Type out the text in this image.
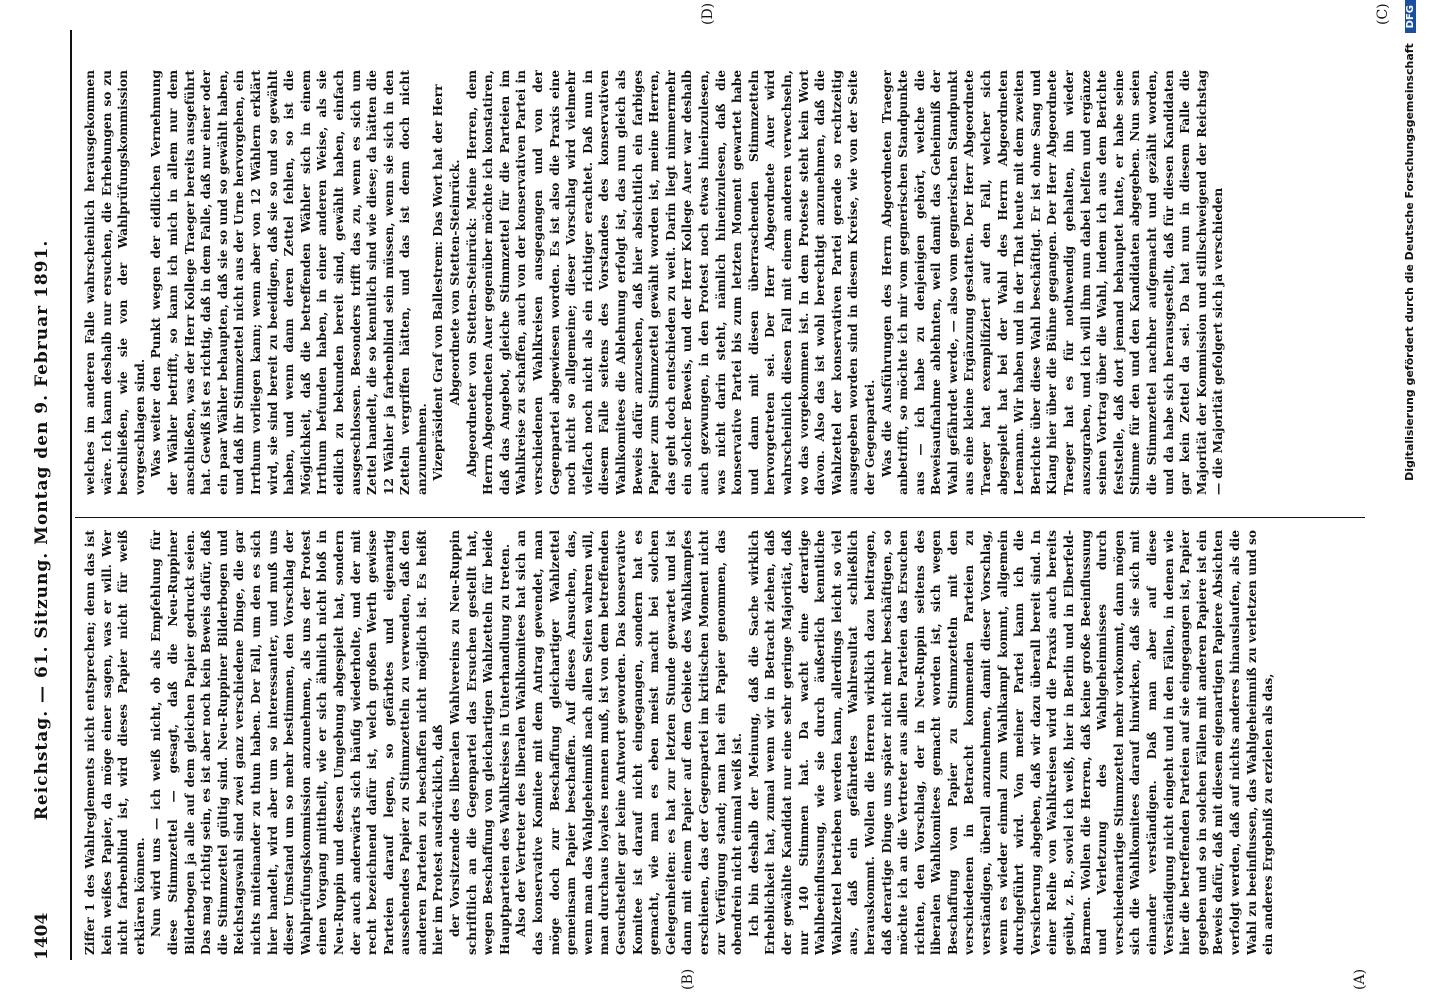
1404
Reichstag. — 61. Sitzung. Montag den 9. Februar 1891.	Ziffer 1 des Wahlreglements nicht entsprechen; denn das ist kein weißes Papier, da möge einer sagen, was er will. Wer nicht farbenblind ist, wird dieses Papier nicht für weiß erklären können. Nun wird uns — ich weiß nicht, ob als Empfehlung für diese Stimmzettel — gesagt, daß die Neu-Ruppiner Bilderbogen ja alle auf dem gleichen Papier gedruckt seien. Das mag richtig sein, es ist aber noch kein Beweis dafür, daß die Stimmzettel gültig sind. Neu-Ruppiner Bilderbogen und Reichstagswahl sind zwei ganz verschiedene Dinge, die gar nichts miteinander zu thun haben. Der Fall, um den es sich hier handelt, wird aber um so interessanter, und muß uns dieser Umstand um so mehr bestimmen, den Vorschlag der Wahlprüfungskommission anzunehmen, als uns der Protest einen Vorgang mittheilt, wie er sich ähnlich nicht bloß in Neu-Ruppin und dessen Umgebung abgespielt hat, sondern der auch anderwärts sich häufig wiederholte, und der mit recht bezeichnend dafür ist, welch großen Werth gewisse Parteien darauf legen, so gefärbtes und eigenartig aussehendes Papier zu Stimmzetteln zu verwenden, daß den anderen Parteien zu beschaffen nicht möglich ist. Es heißt hier im Protest ausdrücklich, daß der Vorsitzende des liberalen Wahlvereins zu Neu-Ruppin schriftlich an die Gegenpartei das Ersuchen gestellt hat, wegen Beschaffung von gleichartigen Wahlzetteln für beide Hauptparteien des Wahlkreises in Unterhandlung zu treten. Also der Vertreter des liberalen Wahlkomitees hat sich an das konservative Komitee mit dem Antrag gewendet, man möge doch zur Beschaffung gleichartiger Wahlzettel gemeinsam Papier beschaffen. Auf dieses Ansuchen, das, wenn man das Wahlgeheimniß nach allen Seiten wahren will, man durchaus loyales nennen muß, ist von dem betreffenden Gesuchsteller gar keine Antwort geworden. Das konservative Komitee ist darauf nicht eingegangen, sondern hat es gemacht, wie man es eben meist macht bei solchen Gelegenheiten: es hat zur letzten Stunde gewartet und ist dann mit einem Papier auf dem Gebiete des Wahlkampfes erschienen, das der Gegenpartei im kritischen Moment nicht zur Verfügung stand; man hat ein Papier genommen, das obendrein nicht einmal weiß ist. Ich bin deshalb der Meinung, daß die Sache wirklich Erheblichkeit hat, zumal wenn wir in Betracht ziehen, daß der gewählte Kandidat nur eine sehr geringe Majorität, daß nur 140 Stimmen hat. Da wacht eine derartige Wahlbeeinflussung, wie sie durch äußerlich kenntliche Wahlzettel betrieben werden kann, allerdings leicht so viel aus, daß ein gefährdetes Wahlresultat schließlich herauskommt. Wollen die Herren wirklich dazu beitragen, daß derartige Dinge uns später nicht mehr beschäftigen, so möchte ich an die Vertreter aus allen Parteien das Ersuchen richten, den Vorschlag, der in Neu-Ruppin seitens des liberalen Wahlkomitees gemacht worden ist, sich wegen Beschaffung von Papier zu Stimmzetteln mit den verschiedenen in Betracht kommenden Parteien zu verständigen, überall anzunehmen, damit dieser Vorschlag, wenn es wieder einmal zum Wahlkampf kommt, allgemein durchgeführt wird. Von meiner Partei kann ich die Versicherung abgeben, daß wir dazu überall bereit sind. In einer Reihe von Wahlkreisen wird die Praxis auch bereits geübt, z. B., soviel ich weiß, hier in Berlin und in Elberfeld-Barmen. Wollen die Herren, daß keine große Beeinflussung und Verletzung des Wahlgeheimnisses durch verschiedenartige Stimmzettel mehr vorkommt, dann mögen sich die Wahlkomitees darauf hinwirken, daß sie sich mit einander verständigen. Daß man aber auf diese Verständigung nicht eingeht und in den Fällen, in denen wie hier die betreffenden Parteien auf sie eingegangen ist, Papier gegeben und so in solchen Fällen mit anderen Papiere ist ein Beweis dafür, daß mit diesem eigenartigen Papiere Absichten verfolgt werden, daß auf nichts anderes hinauslaufen, als die Wahl zu beeinflussen, das Wahlgeheimniß zu verletzen und so ein anderes Ergebniß zu erzielen als das,

welches im anderen Falle wahrscheinlich herausgekommen wäre. Ich kann deshalb nur ersuchen, die Erhebungen so zu beschließen, wie sie von der Wahlprüfungskommission vorgeschlagen sind. Was weiter den Punkt wegen der eidlichen Vernehmung der Wähler betrifft, so kann ich mich in allem nur dem anschließen, was der Herr Kollege Traeger bereits ausgeführt hat. Gewiß ist es richtig, daß in dem Falle, daß nur einer oder ein paar Wähler behaupten, daß sie so und so gewählt haben, und daß ihr Stimmzettel nicht aus der Urne hervorgehen, ein Irrthum vorliegen kann; wenn aber von 12 Wählern erklärt wird, sie sind bereit zu beeidigen, daß sie so und so gewählt haben, und wenn dann deren Zettel fehlen, so ist die Möglichkeit, daß die betreffenden Wähler sich in einem Irrthum befunden haben, in einer anderen Weise, als sie eidlich zu bekunden bereit sind, gewählt haben, einfach ausgeschlossen. Besonders trifft das zu, wenn es sich um Zettel handelt, die so kenntlich sind wie diese; da hätten die 12 Wähler ja farbenblind sein müssen, wenn sie sich in den Zetteln vergriffen hätten, und das ist denn doch nicht anzunehmen. Vizepräsident Graf von Ballestrem: Das Wort hat der Herr Abgeordnete von Stetten-Steinrück. Abgeordneter von Stetten-Steinrück: Meine Herren, dem Herrn Abgeordneten Auer gegenüber möchte ich konstatiren, daß das Angebot, gleiche Stimmzettel für die Parteien im Wahlkreise zu schaffen, auch von der konservativen Partei in verschiedenen Wahlkreisen ausgegangen und von der Gegenpartei abgewiesen worden. Es ist also die Praxis eine noch nicht so allgemeine; dieser Vorschlag wird vielmehr vielfach noch nicht als ein richtiger erachtet. Daß nun in diesem Falle seitens des Vorstandes des konservativen Wahlkomitees die Ablehnung erfolgt ist, das nun gleich als Beweis dafür anzusehen, daß hier absichtlich ein farbiges Papier zum Stimmzettel gewählt worden ist, meine Herren, das geht doch entschieden zu weit. Darin liegt nimmermehr ein solcher Beweis, und der Herr Kollege Auer war deshalb auch gezwungen, in den Protest noch etwas hineinzulesen, was nicht darin steht, nämlich hineinzulesen, daß die konservative Partei bis zum letzten Moment gewartet habe und dann mit diesen überraschenden Stimmzetteln hervorgetreten sei. Der Herr Abgeordnete Auer wird wahrscheinlich diesen Fall mit einem anderen verwechseln, wo das vorgekommen ist. In dem Proteste steht kein Wort davon. Also das ist wohl berechtigt anzunehmen, daß die Wahlzettel der konservativen Partei gerade so rechtzeitig ausgegeben worden sind in diesem Kreise, wie von der Seite der Gegenpartei. Was die Ausführungen des Herrn Abgeordneten Traeger anbetrifft, so möchte ich mir vom gegnerischen Standpunkte aus — ich habe zu denjenigen gehört, welche die Beweisaufnahme ablehnten, weil damit das Geheimniß der Wahl gefährdet werde, — also vom gegnerischen Standpunkt aus eine kleine Ergänzung gestatten. Der Herr Abgeordnete Traeger hat exemplifiziert auf den Fall, welcher sich abgespielt hat bei der Wahl des Herrn Abgeordneten Leemann. Wir haben und in der That heute mit dem zweiten Berichte über diese Wahl beschäftigt. Er ist ohne Sang und Klang hier über die Bühne gegangen. Der Herr Abgeordnete Traeger hat es für nothwendig gehalten, ihn wieder auszugraben, und ich will ihm nun dabei helfen und ergänze seinen Vortrag über die Wahl, indem ich aus dem Berichte feststelle, daß dort jemand behauptet hatte, er habe seine Stimme für den und den Kandidaten abgegeben. Nun seien die Stimmzettel nachher aufgemacht und gezählt worden, und da habe sich herausgestellt, daß für diesen Kandidaten gar kein Zettel da sei. Da hat nun in diesem Falle die Majorität der Kommission und stillschweigend der Reichstag — die Majorität gefolgert sich ja verschieden

(A)
(B)
(C)
(D)
Digitalisierung gefördert durch die Deutsche Forschungsgemeinschaft DFG
